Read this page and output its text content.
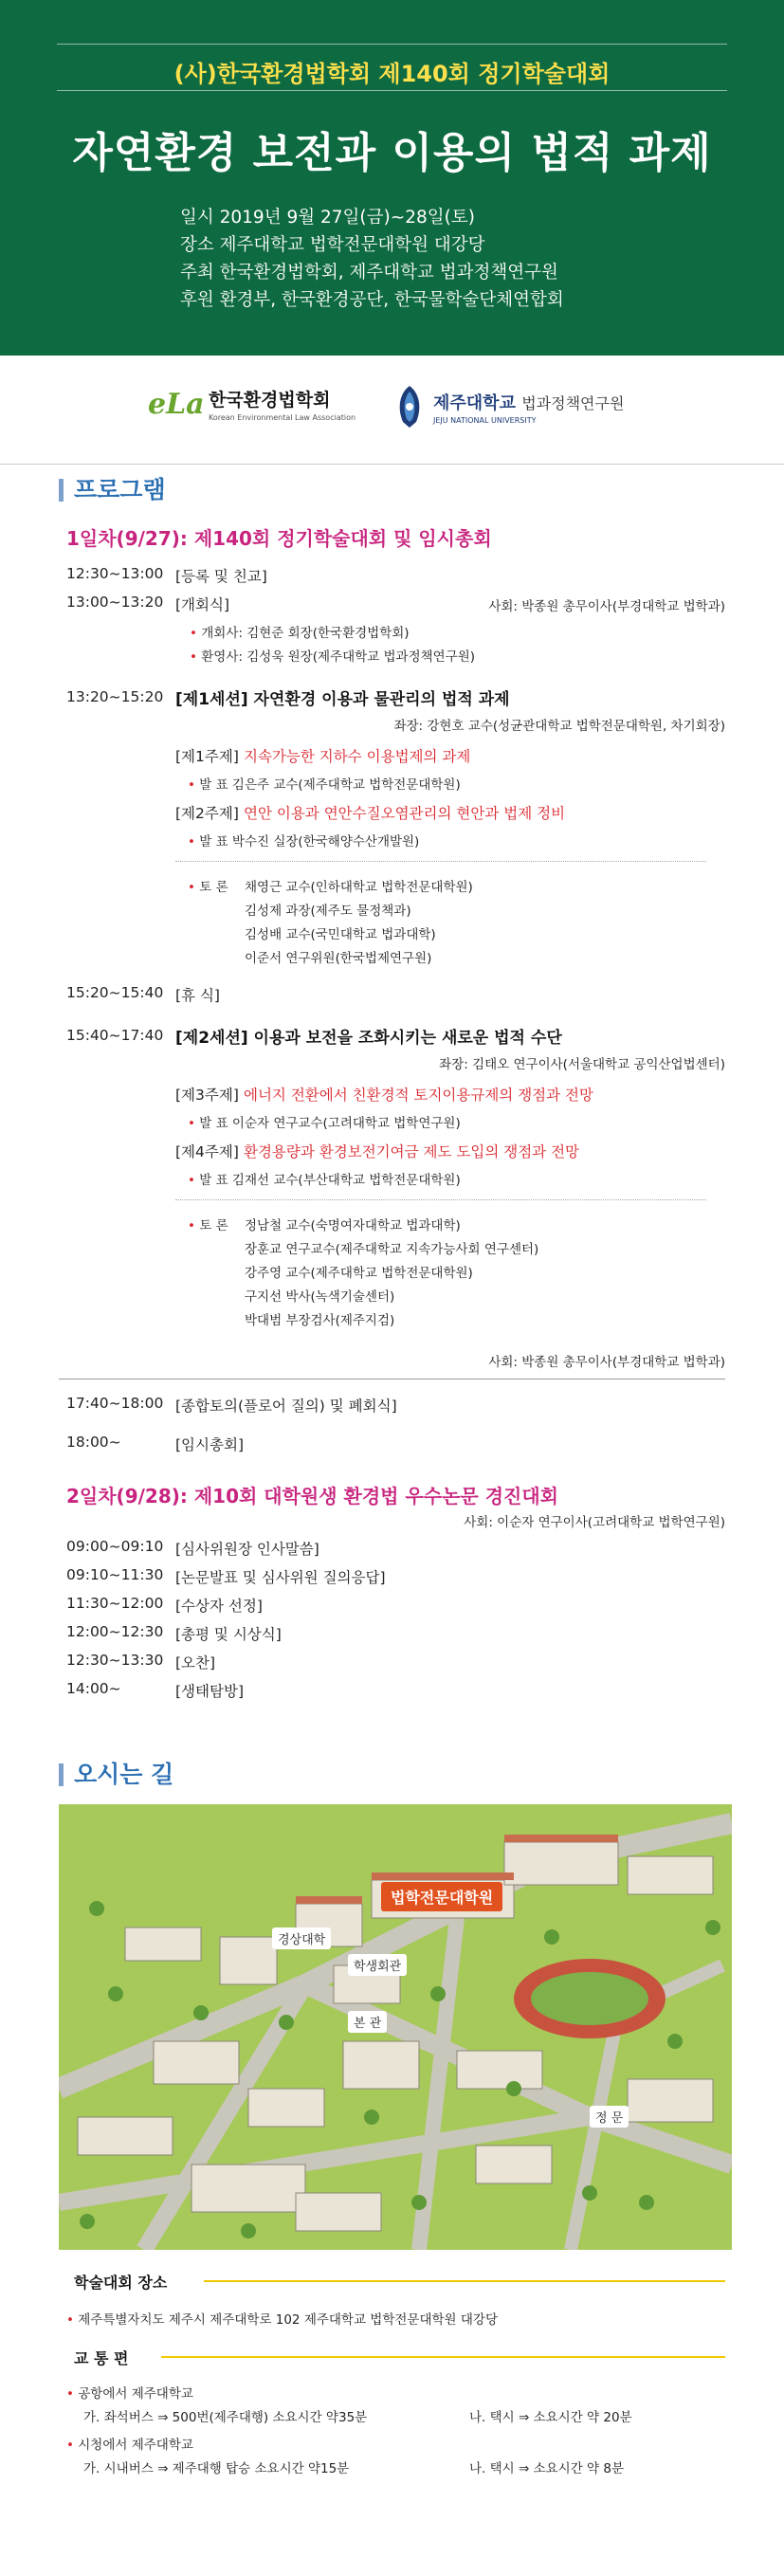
(사)한국환경법학회 제140회 정기학술대회
자연환경 보전과 이용의 법적 과제
일시 2019년 9월 27일(금)~28일(토)
장소 제주대학교 법학전문대학원 대강당
주최 한국환경법학회, 제주대학교 법과정책연구원
후원 환경부, 한국환경공단, 한국물학술단체연합회
eLa 한국환경법학회
Korean Environmental Law Association
제주대학교 법과정책연구원
JEJU NATIONAL UNIVERSITY
프로그램
1일차(9/27): 제140회 정기학술대회 및 임시총회
12:30~13:00 [등록 및 친교]
13:00~13:20 [개회식]	사회: 박종원 총무이사(부경대학교 법학과)
• 개회사: 김현준 회장(한국환경법학회)
• 환영사: 김성욱 원장(제주대학교 법과정책연구원)
13:20~15:20 [제1세션] 자연환경 이용과 물관리의 법적 과제
좌장: 강현호 교수(성균관대학교 법학전문대학원, 차기회장)
[제1주제] 지속가능한 지하수 이용법제의 과제
• 발 표 김은주 교수(제주대학교 법학전문대학원)
[제2주제] 연안 이용과 연안수질오염관리의 현안과 법제 정비
• 발 표 박수진 실장(한국해양수산개발원)
• 토 론 채영근 교수(인하대학교 법학전문대학원)
김성제 과장(제주도 물정책과)
김성배 교수(국민대학교 법과대학)
이준서 연구위원(한국법제연구원)
15:20~15:40 [휴 식]
15:40~17:40 [제2세션] 이용과 보전을 조화시키는 새로운 법적 수단
좌장: 김태오 연구이사(서울대학교 공익산업법센터)
[제3주제] 에너지 전환에서 친환경적 토지이용규제의 쟁점과 전망
• 발 표 이순자 연구교수(고려대학교 법학연구원)
[제4주제] 환경용량과 환경보전기여금 제도 도입의 쟁점과 전망
• 발 표 김재선 교수(부산대학교 법학전문대학원)
• 토 론 정남철 교수(숙명여자대학교 법과대학)
장훈교 연구교수(제주대학교 지속가능사회 연구센터)
강주영 교수(제주대학교 법학전문대학원)
구지선 박사(녹색기술센터)
박대범 부장검사(제주지검)
사회: 박종원 총무이사(부경대학교 법학과)
17:40~18:00 [종합토의(플로어 질의) 및 폐회식]
18:00~	[임시총회]
2일차(9/28): 제10회 대학원생 환경법 우수논문 경진대회
사회: 이순자 연구이사(고려대학교 법학연구원)
09:00~09:10 [심사위원장 인사말씀]
09:10~11:30 [논문발표 및 심사위원 질의응답]
11:30~12:00 [수상자 선정]
12:00~12:30 [총평 및 시상식]
12:30~13:30 [오찬]
14:00~	[생태탐방]
오시는 길
법학전문대학원
경상대학
학생회관
본 관
정 문
학술대회 장소
• 제주특별자치도 제주시 제주대학로 102 제주대학교 법학전문대학원 대강당
교 통 편
• 공항에서 제주대학교
가. 좌석버스 ⇒ 500번(제주대행) 소요시간 약35분	나. 택시 ⇒ 소요시간 약 20분
• 시청에서 제주대학교
가. 시내버스 ⇒ 제주대행 탑승 소요시간 약15분	나. 택시 ⇒ 소요시간 약 8분
